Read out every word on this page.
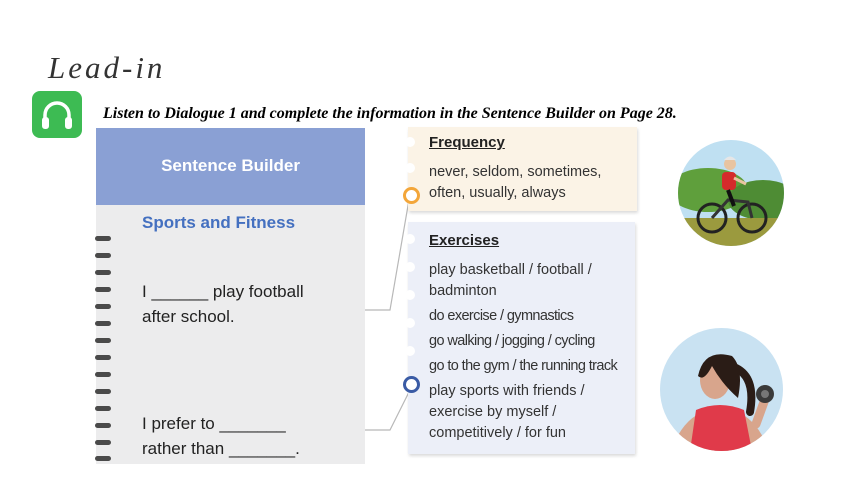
Lead-in
Listen to Dialogue 1 and complete the information in the Sentence Builder on Page 28.
Sentence Builder
Sports and Fitness
I ______ play football
after school.
I prefer to _______
rather than _______.
Frequency
never, seldom, sometimes,
often, usually, always
Exercises
play basketball / football /
badminton
do exercise / gymnastics
go walking / jogging / cycling
go to the gym / the running track
play sports with friends /
exercise by myself /
competitively / for fun
